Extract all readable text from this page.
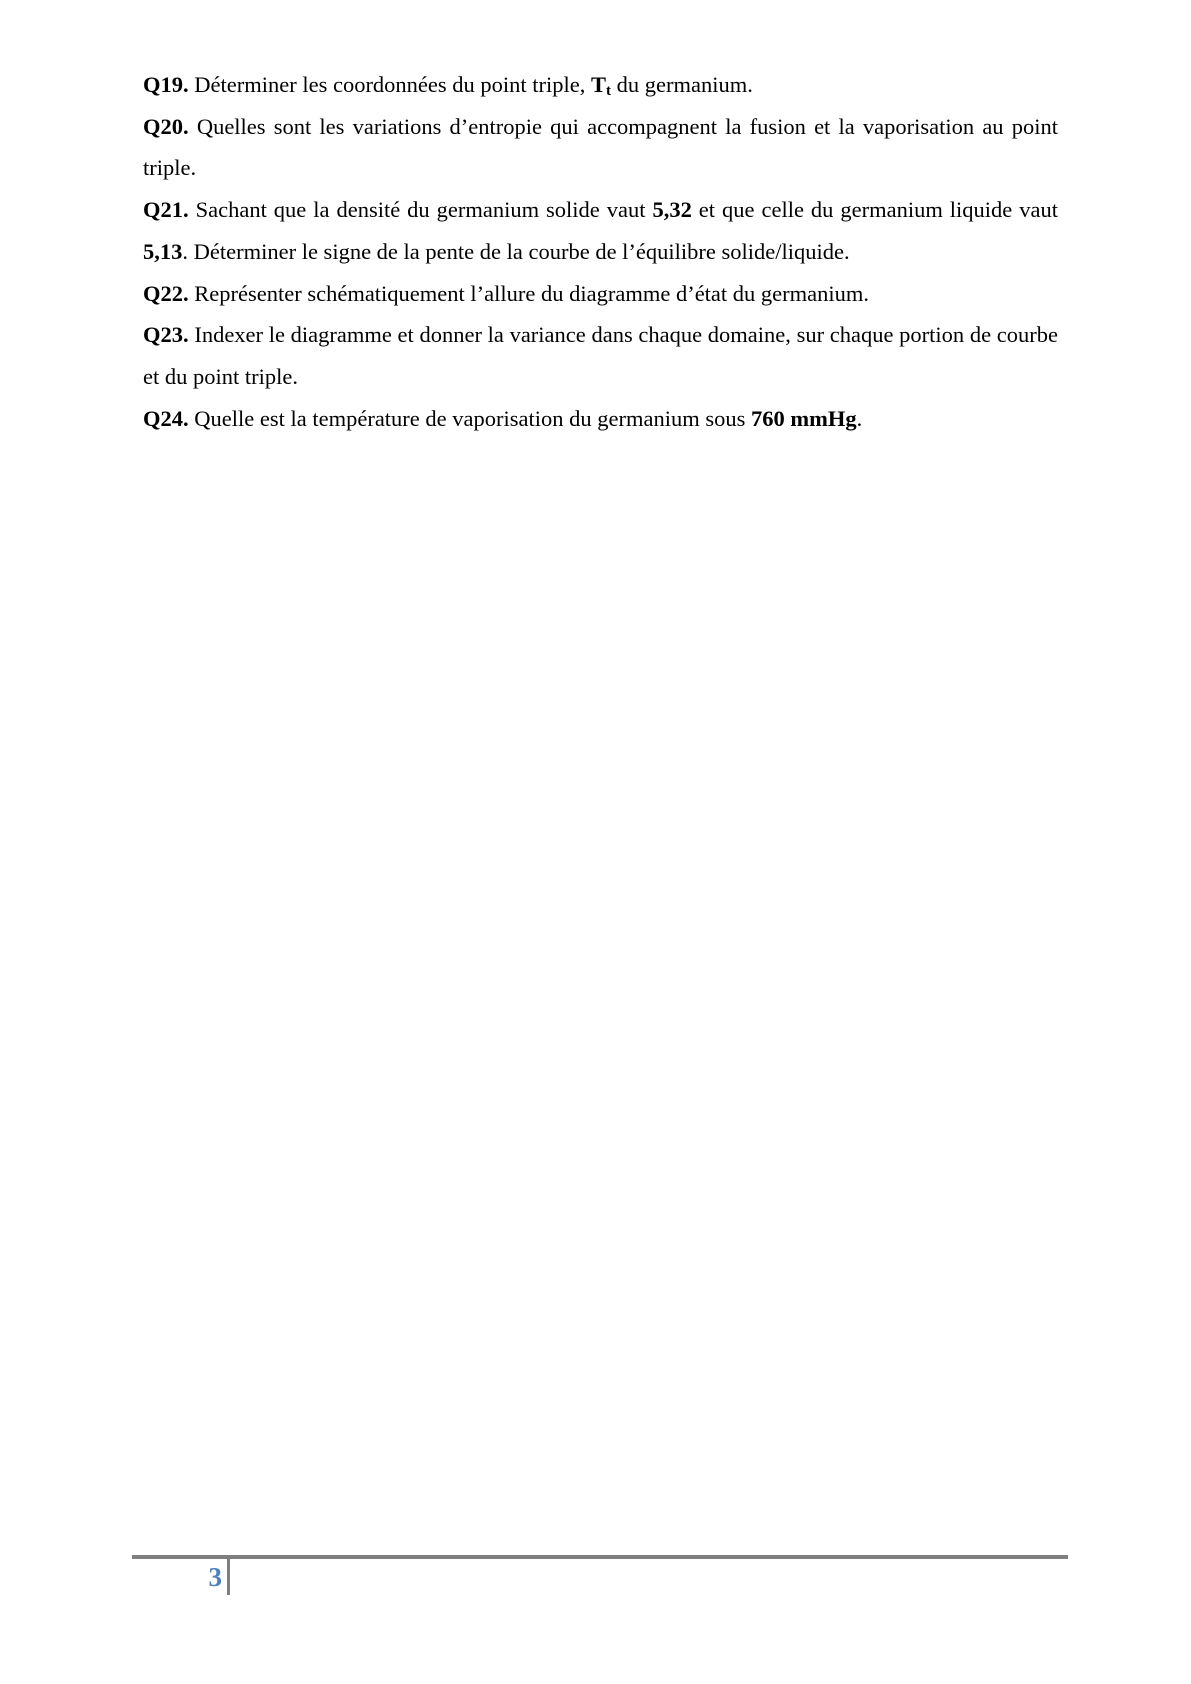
Q19. Déterminer les coordonnées du point triple, $T_t$ du germanium.

Q20. Quelles sont les variations d’entropie qui accompagnent la fusion et la vaporisation au point triple.

Q21. Sachant que la densité du germanium solide vaut 5,32 et que celle du germanium liquide vaut 5,13. Déterminer le signe de la pente de la courbe de l’équilibre solide/liquide.

Q22. Représenter schématiquement l’allure du diagramme d’état du germanium.

Q23. Indexer le diagramme et donner la variance dans chaque domaine, sur chaque portion de courbe et du point triple.

Q24. Quelle est la température de vaporisation du germanium sous 760 mmHg.

3
